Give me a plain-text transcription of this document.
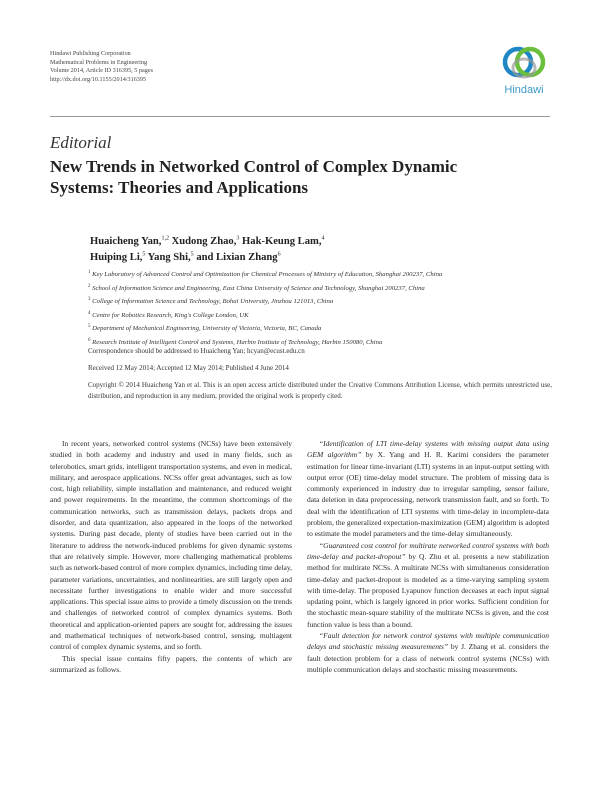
Hindawi Publishing Corporation
Mathematical Problems in Engineering
Volume 2014, Article ID 316395, 5 pages
http://dx.doi.org/10.1155/2014/316395
Hindawi
Editorial
New Trends in Networked Control of Complex Dynamic Systems: Theories and Applications
Huaicheng Yan,$^{1,2}$ Xudong Zhao,$^3$ Hak-Keung Lam,$^4$
Huiping Li,$^5$ Yang Shi,$^5$ and Lixian Zhang$^6$
$^1$ Key Laboratory of Advanced Control and Optimization for Chemical Processes of Ministry of Education, Shanghai 200237, China
$^2$ School of Information Science and Engineering, East China University of Science and Technology, Shanghai 200237, China
$^3$ College of Information Science and Technology, Bohai University, Jinzhou 121013, China
$^4$ Centre for Robotics Research, King's College London, UK
$^5$ Department of Mechanical Engineering, University of Victoria, Victoria, BC, Canada
$^6$ Research Institute of Intelligent Control and Systems, Harbin Institute of Technology, Harbin 150080, China
Correspondence should be addressed to Huaicheng Yan; hcyan@ecust.edu.cn
Received 12 May 2014; Accepted 12 May 2014; Published 4 June 2014
Copyright © 2014 Huaicheng Yan et al. This is an open access article distributed under the Creative Commons Attribution License, which permits unrestricted use, distribution, and reproduction in any medium, provided the original work is properly cited.

In recent years, networked control systems (NCSs) have been extensively studied in both academy and industry and used in many fields, such as telerobotics, smart grids, intelligent transportation systems, and even in medical, military, and aerospace applications. NCSs offer great advantages, such as low cost, high reliability, simple installation and maintenance, and reduced weight and power requirements. In the meantime, the common shortcomings of the communication networks, such as transmission delays, packets drops and disorder, and data quantization, also appeared in the loops of the networked systems. During past decade, plenty of studies have been carried out in the literature to address the network-induced problems for given dynamic systems that are relatively simple. However, more challenging mathematical problems such as network-based control of more complex dynamics, including time delay, parameter variations, uncertainties, and nonlinearities, are still largely open and necessitate further investigations to enable wider and more successful applications. This special issue aims to provide a timely discussion on the trends and challenges of networked control of complex dynamics systems. Both theoretical and application-oriented papers are sought for, addressing the issues and mathematical techniques of network-based control, sensing, multiagent control of complex dynamic systems, and so forth.

This special issue contains fifty papers, the contents of which are summarized as follows.

“Identification of LTI time-delay systems with missing output data using GEM algorithm” by X. Yang and H. R. Karimi considers the parameter estimation for linear time-invariant (LTI) systems in an input-output setting with output error (OE) time-delay model structure. The problem of missing data is commonly experienced in industry due to irregular sampling, sensor failure, data deletion in data preprocessing, network transmission fault, and so forth. To deal with the identification of LTI systems with time-delay in incomplete-data problem, the generalized expectation-maximization (GEM) algorithm is adopted to estimate the model parameters and the time-delay simultaneously.

“Guaranteed cost control for multirate networked control systems with both time-delay and packet-dropout” by Q. Zhu et al. presents a new stabilization method for multirate NCSs. A multirate NCSs with simultaneous consideration time-delay and packet-dropout is modeled as a time-varying sampling system with time-delay. The proposed Lyapunov function deceases at each input signal updating point, which is largely ignored in prior works. Sufficient condition for the stochastic mean-square stability of the multirate NCSs is given, and the cost function value is less than a bound.

“Fault detection for network control systems with multiple communication delays and stochastic missing measurements” by J. Zhang et al. considers the fault detection problem for a class of network control systems (NCSs) with multiple communication delays and stochastic missing measurements.
